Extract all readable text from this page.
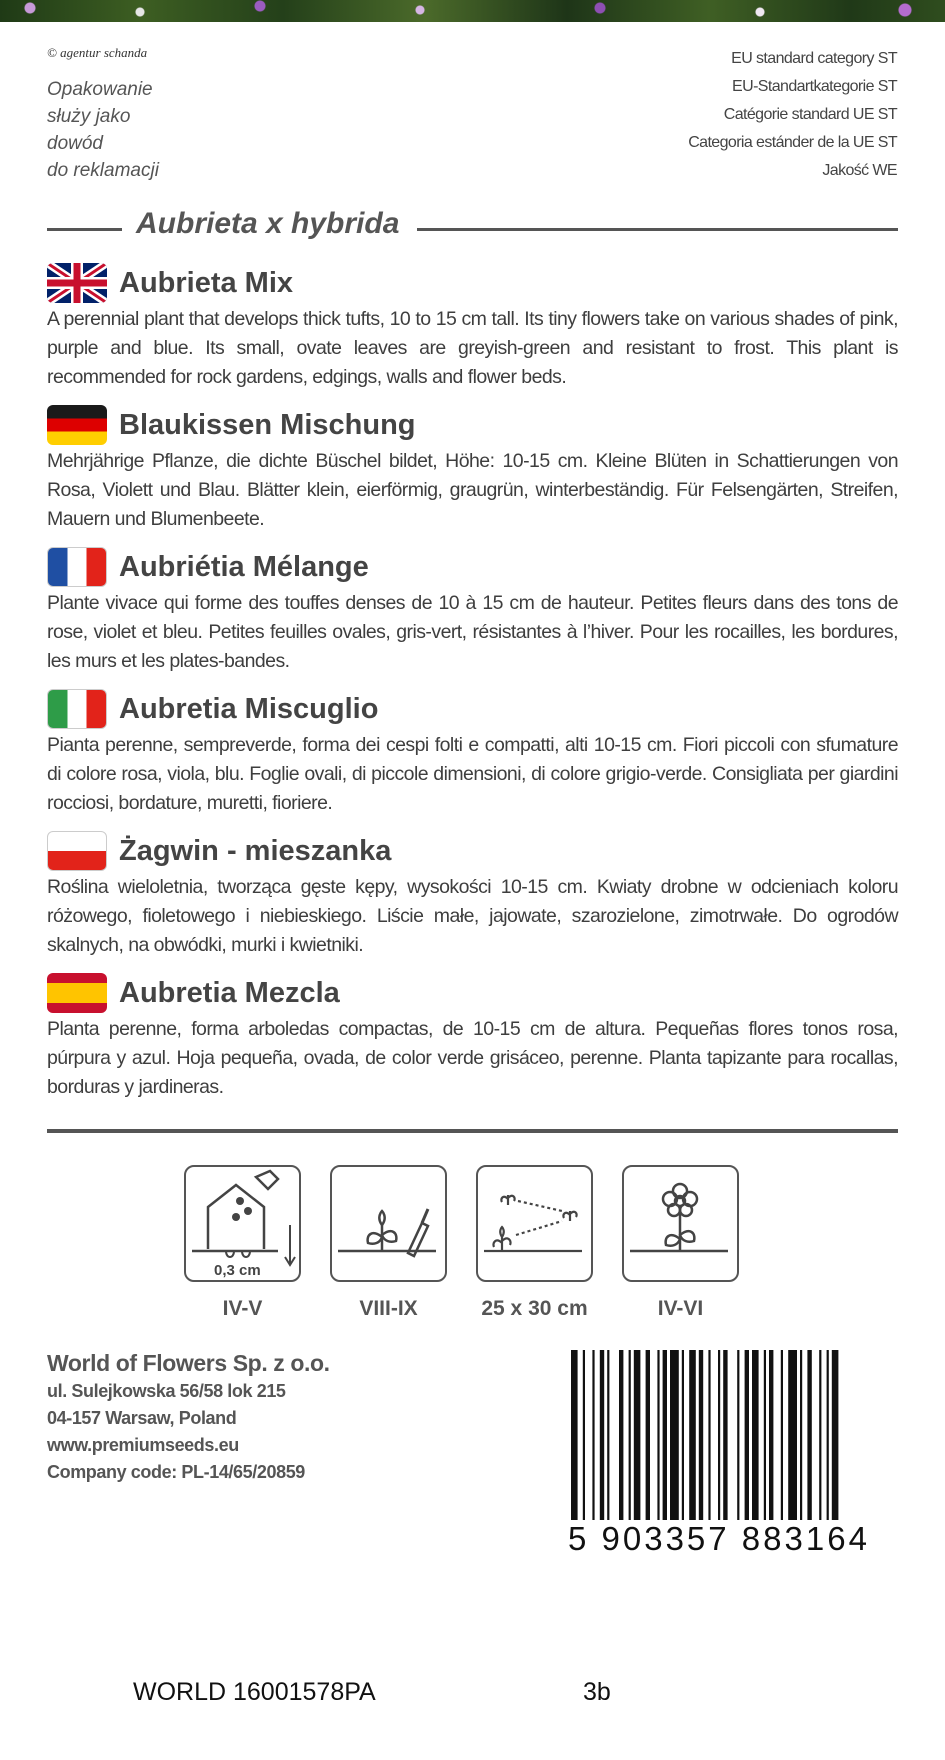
© agentur schanda
Opakowanie
służy jako
dowód
do reklamacji
EU standard category ST
EU-Standartkategorie ST
Catégorie standard UE ST
Categoria estánder de la UE ST
Jakość WE
Aubrieta x hybrida
Aubrieta Mix
A perennial plant that develops thick tufts, 10 to 15 cm tall. Its tiny flowers take on various shades of pink, purple and blue. Its small, ovate leaves are greyish-green and resistant to frost. This plant is recommended for rock gardens, edgings, walls and flower beds.
Blaukissen Mischung
Mehrjährige Pflanze, die dichte Büschel bildet, Höhe: 10-15 cm. Kleine Blüten in Schattierungen von Rosa, Violett und Blau. Blätter klein, eierförmig, graugrün, winterbeständig. Für Felsengärten, Streifen, Mauern und Blumenbeete.
Aubriétia Mélange
Plante vivace qui forme des touffes denses de 10 à 15 cm de hauteur. Petites fleurs dans des tons de rose, violet et bleu. Petites feuilles ovales, gris-vert, résistantes à l’hiver. Pour les rocailles, les bordures, les murs et les plates-bandes.
Aubretia Miscuglio
Pianta perenne, sempreverde, forma dei cespi folti e compatti, alti 10-15 cm. Fiori piccoli con sfumature di colore rosa, viola, blu. Foglie ovali, di piccole dimensioni, di colore grigio-verde. Consigliata per giardini rocciosi, bordature, muretti, fioriere.
Żagwin - mieszanka
Roślina wieloletnia, tworząca gęste kępy, wysokości 10-15 cm. Kwiaty drobne w odcieniach koloru różowego, fioletowego i niebieskiego. Liście małe, jajowate, szarozielone, zimotrwałe. Do ogrodów skalnych, na obwódki, murki i kwietniki.
Aubretia Mezcla
Planta perenne, forma arboledas compactas, de 10-15 cm de altura. Pequeñas flores tonos rosa, púrpura y azul. Hoja pequeña, ovada, de color verde grisáceo, perenne. Planta tapizante para rocallas, borduras y jardineras.
0,3 cm
IV-V	VIII-IX	25 x 30 cm	IV-VI
World of Flowers Sp. z o.o.
ul. Sulejkowska 56/58 lok 215
04-157 Warsaw, Poland
www.premiumseeds.eu
Company code: PL-14/65/20859
5 903357 883164
WORLD 16001578PA	3b
